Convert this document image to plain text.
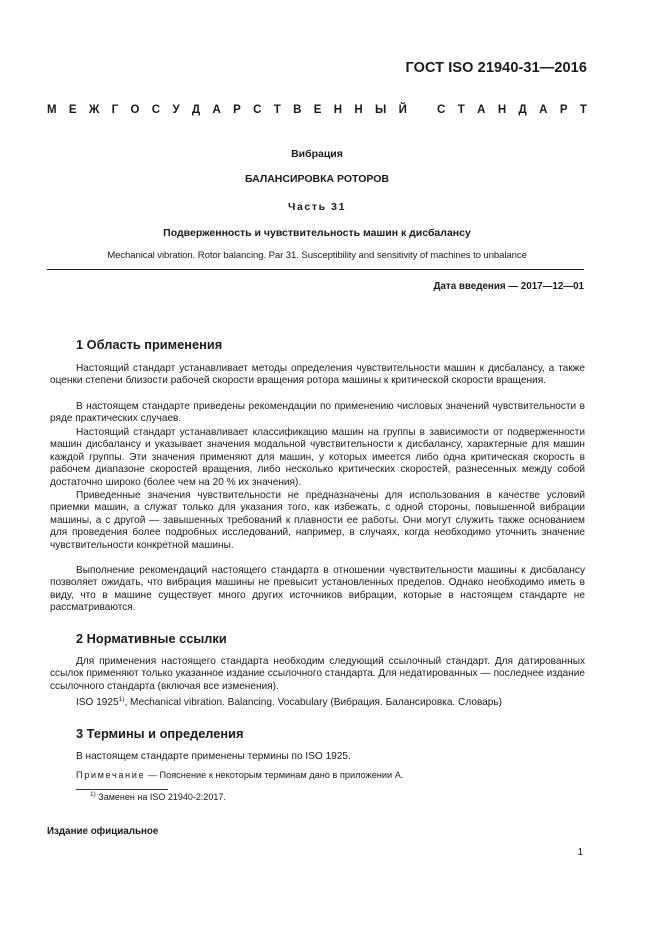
ГОСТ ISO 21940-31—2016
М Е Ж Г О С У Д А Р С Т В Е Н Н Ы Й	С Т А Н Д А Р Т
Вибрация
БАЛАНСИРОВКА РОТОРОВ
Часть 31
Подверженность и чувствительность машин к дисбалансу
Mechanical vibration. Rotor balancing. Par 31. Susceptibility and sensitivity of machines to unbalance
Дата введения — 2017—12—01
1 Область применения

Настоящий стандарт устанавливает методы определения чувствительности машин к дисбалансу, а также оценки степени близости рабочей скорости вращения ротора машины к критической скорости вращения.

В настоящем стандарте приведены рекомендации по применению числовых значений чувствительности в ряде практических случаев.

Настоящий стандарт устанавливает классификацию машин на группы в зависимости от подверженности машин дисбалансу и указывает значения модальной чувствительности к дисбалансу, характерные для машин каждой группы. Эти значения применяют для машин, у которых имеется либо одна критическая скорость в рабочем диапазоне скоростей вращения, либо несколько критических скоростей, разнесенных между собой достаточно широко (более чем на 20 % их значения).

Приведенные значения чувствительности не предназначены для использования в качестве условий приемки машин, а служат только для указания того, как избежать, с одной стороны, повышенной вибрации машины, а с другой — завышенных требований к плавности ее работы. Они могут служить также основанием для проведения более подробных исследований, например, в случаях, когда необходимо уточнить значение чувствительности конкретной машины.

Выполнение рекомендаций настоящего стандарта в отношении чувствительности машины к дисбалансу позволяет ожидать, что вибрация машины не превысит установленных пределов. Однако необходимо иметь в виду, что в машине существует много других источников вибрации, которые в настоящем стандарте не рассматриваются.

2 Нормативные ссылки

Для применения настоящего стандарта необходим следующий ссылочный стандарт. Для датированных ссылок применяют только указанное издание ссылочного стандарта. Для недатированных — последнее издание ссылочного стандарта (включая все изменения).

ISO 1925$^{1)}$, Mechanical vibration. Balancing. Vocabulary (Вибрация. Балансировка. Словарь)

3 Термины и определения

В настоящем стандарте применены термины по ISO 1925.

Примечание — Пояснение к некоторым терминам дано в приложении А.
$^{1)}$ Заменен на ISO 21940-2:2017.
Издание официальное
1
